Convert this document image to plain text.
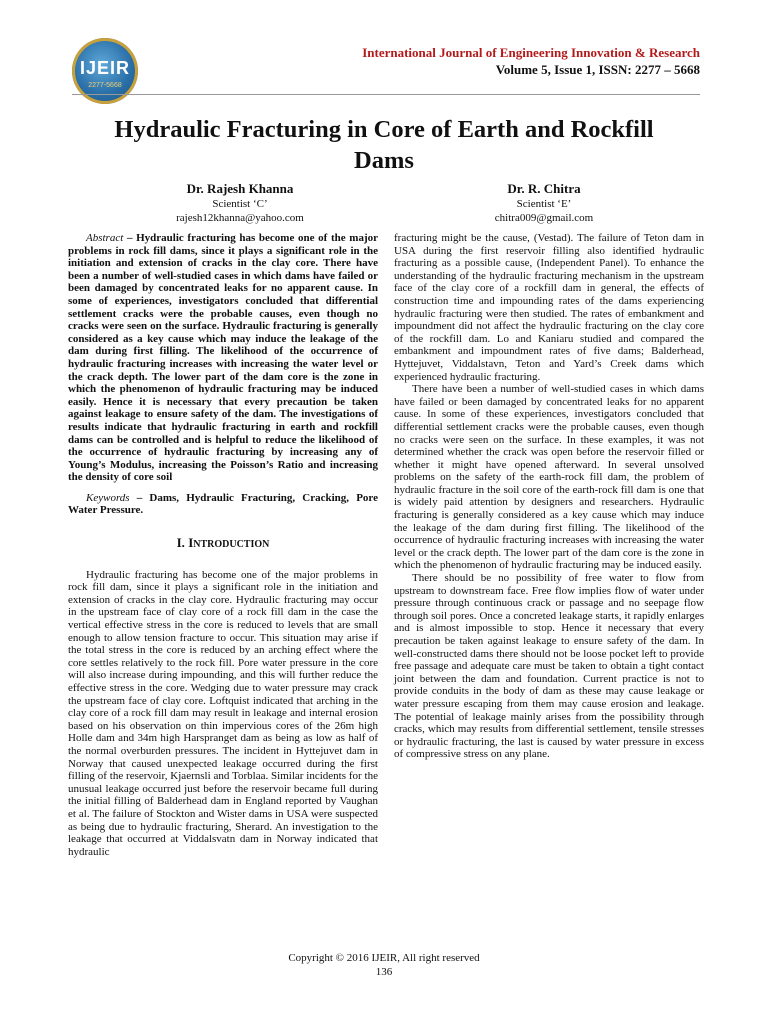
IJEIR
2277-5668
International Journal of Engineering Innovation & Research
Volume 5, Issue 1, ISSN: 2277 – 5668
Hydraulic Fracturing in Core of Earth and Rockfill Dams
Dr. Rajesh Khanna
Scientist ‘C’
rajesh12khanna@yahoo.com
Dr. R. Chitra
Scientist ‘E’
chitra009@gmail.com

Abstract – Hydraulic fracturing has become one of the major problems in rock fill dams, since it plays a significant role in the initiation and extension of cracks in the clay core. There have been a number of well-studied cases in which dams have failed or been damaged by concentrated leaks for no apparent cause. In some of experiences, investigators concluded that differential settlement cracks were the probable causes, even though no cracks were seen on the surface. Hydraulic fracturing is generally considered as a key cause which may induce the leakage of the dam during first filling. The likelihood of the occurrence of hydraulic fracturing increases with increasing the water level or the crack depth. The lower part of the dam core is the zone in which the phenomenon of hydraulic fracturing may be induced easily. Hence it is necessary that every precaution be taken against leakage to ensure safety of the dam. The investigations of results indicate that hydraulic fracturing in earth and rockfill dams can be controlled and is helpful to reduce the likelihood of the occurrence of hydraulic fracturing by increasing any of Young’s Modulus, increasing the Poisson’s Ratio and increasing the density of core soil

Keywords – Dams, Hydraulic Fracturing, Cracking, Pore Water Pressure.

I. INTRODUCTION

Hydraulic fracturing has become one of the major problems in rock fill dam, since it plays a significant role in the initiation and extension of cracks in the clay core. Hydraulic fracturing may occur in the upstream face of clay core of a rock fill dam in the case the vertical effective stress in the core is reduced to levels that are small enough to allow tension fracture to occur. This situation may arise if the total stress in the core is reduced by an arching effect where the core settles relatively to the rock fill. Pore water pressure in the core will also increase during impounding, and this will further reduce the effective stress in the core. Wedging due to water pressure may crack the upstream face of clay core. Loftquist indicated that arching in the clay core of a rock fill dam may result in leakage and internal erosion based on his observation on thin impervious cores of the 26m high Holle dam and 34m high Harspranget dam as being as low as half of the normal overburden pressures. The incident in Hyttejuvet dam in Norway that caused unexpected leakage occurred during the first filling of the reservoir, Kjaernsli and Torblaa. Similar incidents for the unusual leakage occurred just before the reservoir became full during the initial filling of Balderhead dam in England reported by Vaughan et al. The failure of Stockton and Wister dams in USA were suspected as being due to hydraulic fracturing, Sherard. An investigation to the leakage that occurred at Viddalsvatn dam in Norway indicated that hydraulic

fracturing might be the cause, (Vestad). The failure of Teton dam in USA during the first reservoir filling also identified hydraulic fracturing as a possible cause, (Independent Panel). To enhance the understanding of the hydraulic fracturing mechanism in the upstream face of the clay core of a rockfill dam in general, the effects of construction time and impounding rates of the dams experiencing hydraulic fracturing were then studied. The rates of embankment and impoundment did not affect the hydraulic fracturing on the clay core of the rockfill dam. Lo and Kaniaru studied and compared the embankment and impoundment rates of five dams; Balderhead, Hyttejuvet, Viddalstavn, Teton and Yard’s Creek dams which experienced hydraulic fracturing.

There have been a number of well-studied cases in which dams have failed or been damaged by concentrated leaks for no apparent cause. In some of these experiences, investigators concluded that differential settlement cracks were the probable causes, even though no cracks were seen on the surface. In these examples, it was not determined whether the crack was open before the reservoir filled or whether it might have opened afterward. In several unsolved problems on the safety of the earth-rock fill dam, the problem of hydraulic fracture in the soil core of the earth-rock fill dam is one that is widely paid attention by designers and researchers. Hydraulic fracturing is generally considered as a key cause which may induce the leakage of the dam during first filling. The likelihood of the occurrence of hydraulic fracturing increases with increasing the water level or the crack depth. The lower part of the dam core is the zone in which the phenomenon of hydraulic fracturing may be induced easily.

There should be no possibility of free water to flow from upstream to downstream face. Free flow implies flow of water under pressure through continuous crack or passage and no seepage flow through soil pores. Once a concreted leakage starts, it rapidly enlarges and is almost impossible to stop. Hence it necessary that every precaution be taken against leakage to ensure safety of the dam. In well-constructed dams there should not be loose pocket left to provide free passage and adequate care must be taken to obtain a tight contact joint between the dam and foundation. Current practice is not to provide conduits in the body of dam as these may cause leakage or water pressure escaping from them may cause erosion and leakage. The potential of leakage mainly arises from the possibility through cracks, which may results from differential settlement, tensile stresses or hydraulic fracturing, the last is caused by water pressure in excess of compressive stress on any plane.

Copyright © 2016 IJEIR, All right reserved
136
